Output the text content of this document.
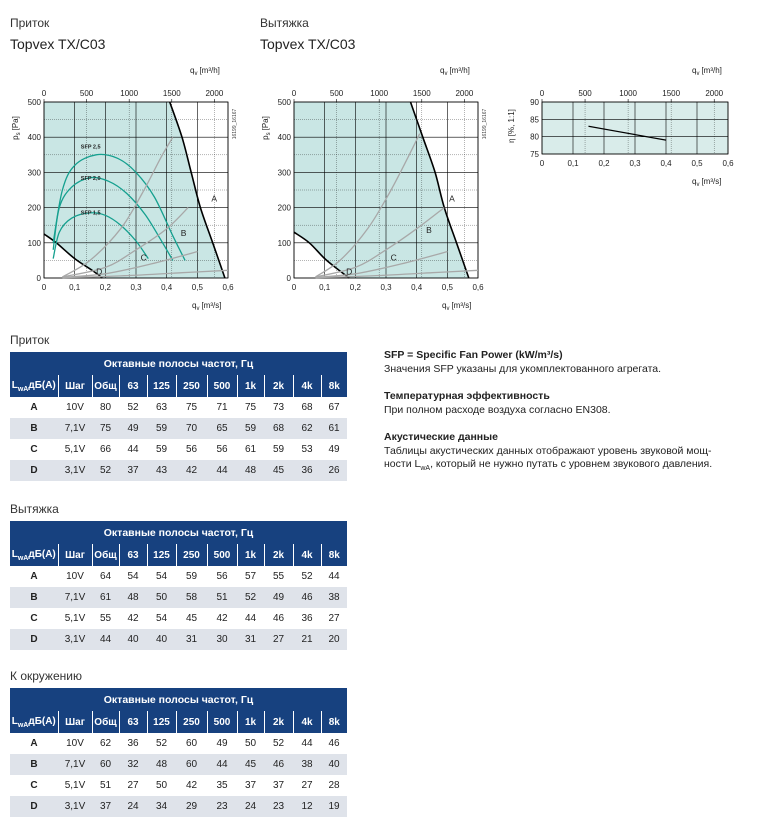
Приток
Topvex TX/C03
Вытяжка
Topvex TX/C03
0	0,1 0,2 0,3 0,4 0,5 0,6
0
100
200
300
400
500
0	500	1000	1500	2000
$q_v$ [m³/h]
$q_v$ [m³/s]
$p_s[Pa]$	16199_16167
A
B
C
D
SFP 2,5
SFP 2,0
SFP 1,5
0	0,1 0,2 0,3 0,4 0,5 0,6
0
100
200
300
400
500
0	500	1000	1500	2000
$q_v$ [m³/h]
$q_v$ [m³/s]
$p_s[Pa]$	16199_16167
A
B
C
D
0	0,1 0,2 0,3 0,4 0,5 0,6
75
80
85
90
0	500	1000	1500	2000
$q_v$ [m³/h]
$q_v$ [m³/s]
η [%, 1:1]
SFP = Specific Fan Power (kW/m³/s)
Значения SFP указаны для укомплектованного агрегата.
Температурная эффективность
При полном расходе воздуха согласно EN308.
Акустические данные
Таблицы акустических данных отображают уровень звуковой мощ-
ности $L_{wA}$, который не нужно путать с уровнем звукового давления.
Приток
Октавные полосы частот, Гц										
$L_{wA}дБ(А)$	Шаг	Общ	63	125	250	500	1k	2k	4k	8k
A	10V	80	52	63	75	71	75	73	68	67
B	7,1V	75	49	59	70	65	59	68	62	61
C	5,1V	66	44	59	56	56	61	59	53	49
D	3,1V	52	37	43	42	44	48	45	36	26
Вытяжка
Октавные полосы частот, Гц										
$L_{wA}дБ(А)$	Шаг	Общ	63	125	250	500	1k	2k	4k	8k
A	10V	64	54	54	59	56	57	55	52	44
B	7,1V	61	48	50	58	51	52	49	46	38
C	5,1V	55	42	54	45	42	44	46	36	27
D	3,1V	44	40	40	31	30	31	27	21	20
К окружению
Октавные полосы частот, Гц										
$L_{wA}дБ(А)$	Шаг	Общ	63	125	250	500	1k	2k	4k	8k
A	10V	62	36	52	60	49	50	52	44	46
B	7,1V	60	32	48	60	44	45	46	38	40
C	5,1V	51	27	50	42	35	37	37	27	28
D	3,1V	37	24	34	29	23	24	23	12	19
